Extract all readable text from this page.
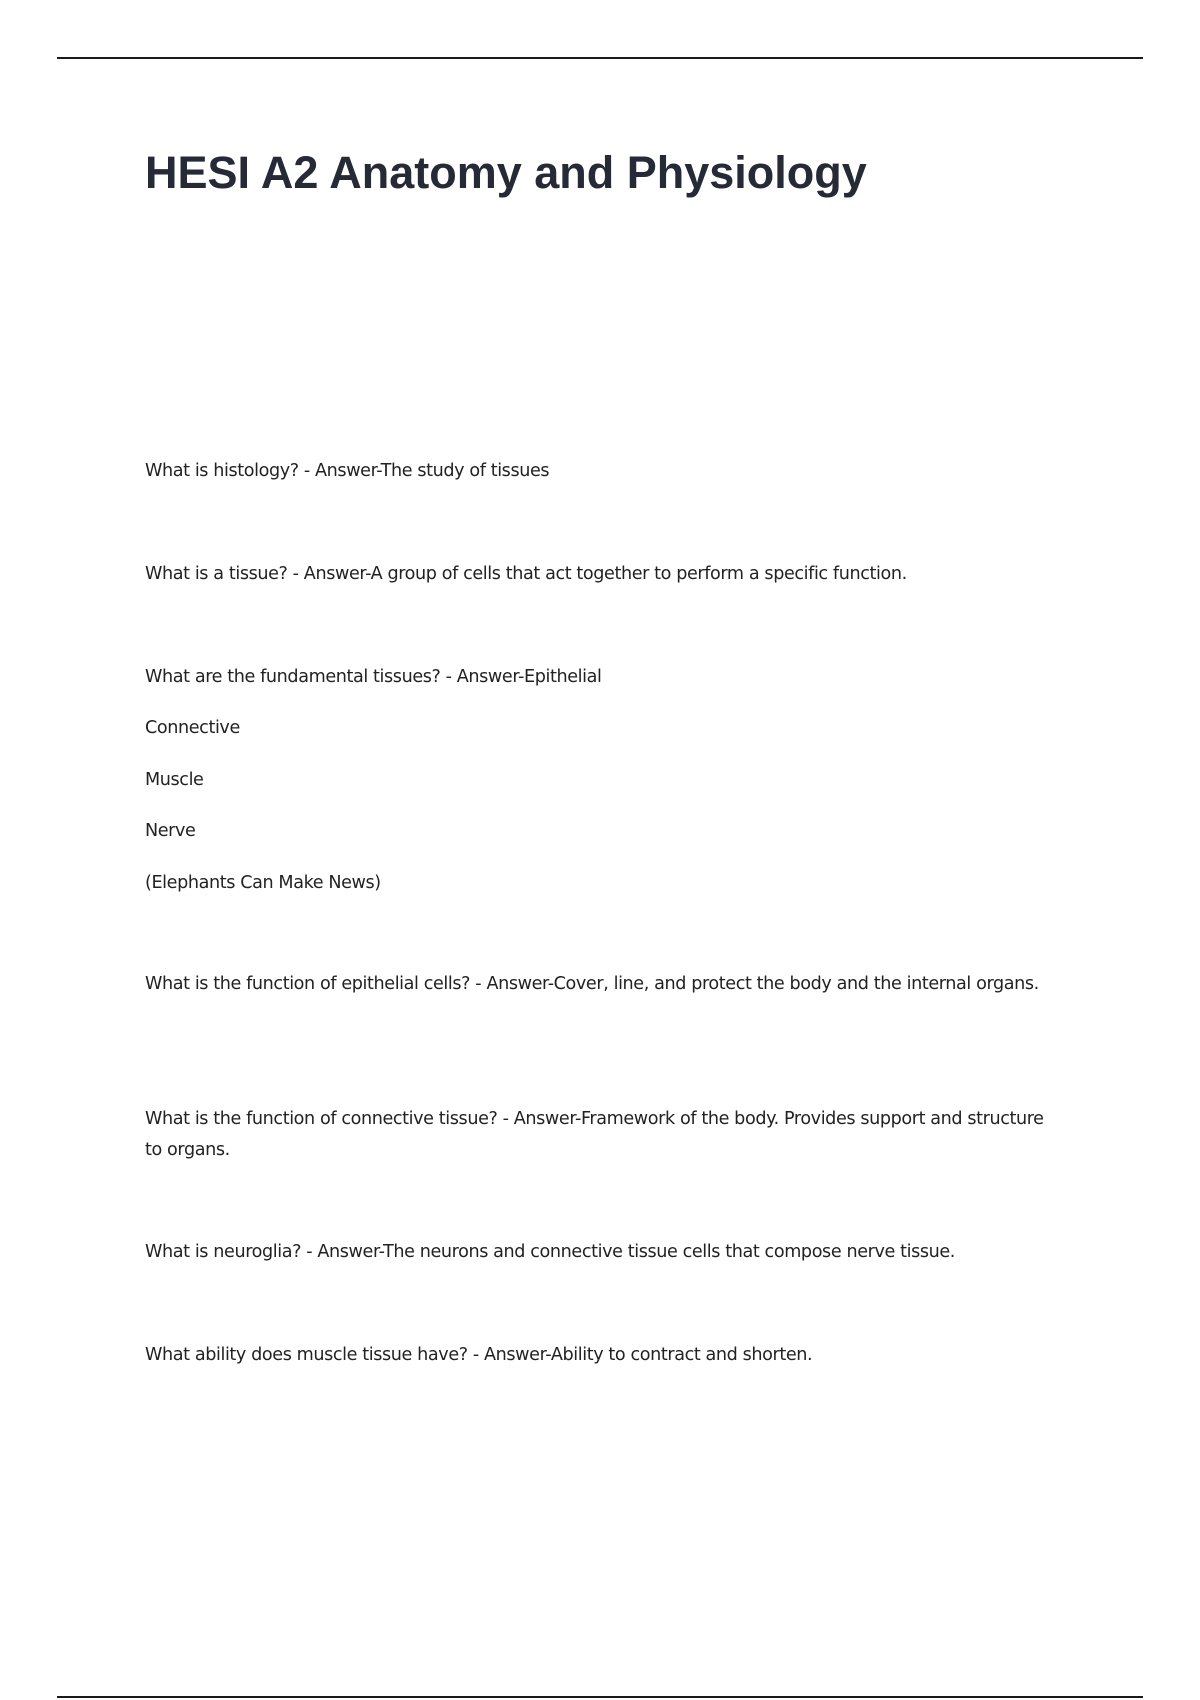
HESI A2 Anatomy and Physiology

What is histology? - Answer-The study of tissues

What is a tissue? - Answer-A group of cells that act together to perform a specific function.

What are the fundamental tissues? - Answer-Epithelial

Connective

Muscle

Nerve

(Elephants Can Make News)

What is the function of epithelial cells? - Answer-Cover, line, and protect the body and the internal organs.

What is the function of connective tissue? - Answer-Framework of the body. Provides support and structure to organs.

What is neuroglia? - Answer-The neurons and connective tissue cells that compose nerve tissue.

What ability does muscle tissue have? - Answer-Ability to contract and shorten.
